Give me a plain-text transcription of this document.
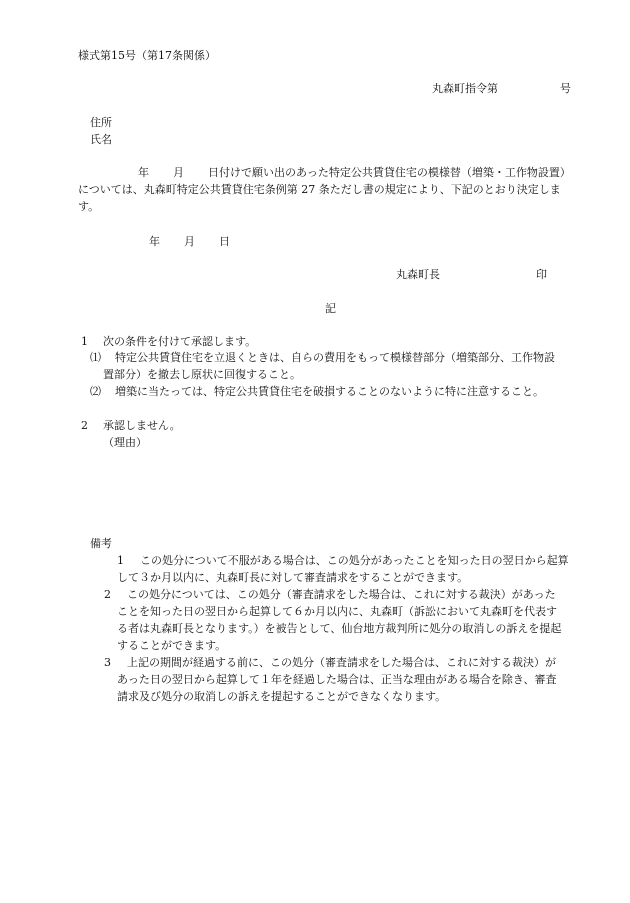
様式第15号（第17条関係）
丸森町指令第	号
住所
氏名
年 月 日付けで願い出のあった特定公共賃貸住宅の模様替（増築・工作物設置）
については、丸森町特定公共賃貸住宅条例第 27 条ただし書の規定により、下記のとおり決定しま
す。
年 月 日
丸森町長	印
記
1 次の条件を付けて承認します。
⑴ 特定公共賃貸住宅を立退くときは、自らの費用をもって模様替部分（増築部分、工作物設
置部分）を撤去し原状に回復すること。
⑵ 増築に当たっては、特定公共賃貸住宅を破損することのないように特に注意すること。
2 承認しません。
（理由）
備考
1 この処分について不服がある場合は、この処分があったことを知った日の翌日から起算
して３か月以内に、丸森町長に対して審査請求をすることができます。
2 この処分については、この処分（審査請求をした場合は、これに対する裁決）があった
ことを知った日の翌日から起算して６か月以内に、丸森町（訴訟において丸森町を代表す
る者は丸森町長となります。）を被告として、仙台地方裁判所に処分の取消しの訴えを提起
することができます。
3 上記の期間が経過する前に、この処分（審査請求をした場合は、これに対する裁決）が
あった日の翌日から起算して１年を経過した場合は、正当な理由がある場合を除き、審査
請求及び処分の取消しの訴えを提起することができなくなります。
